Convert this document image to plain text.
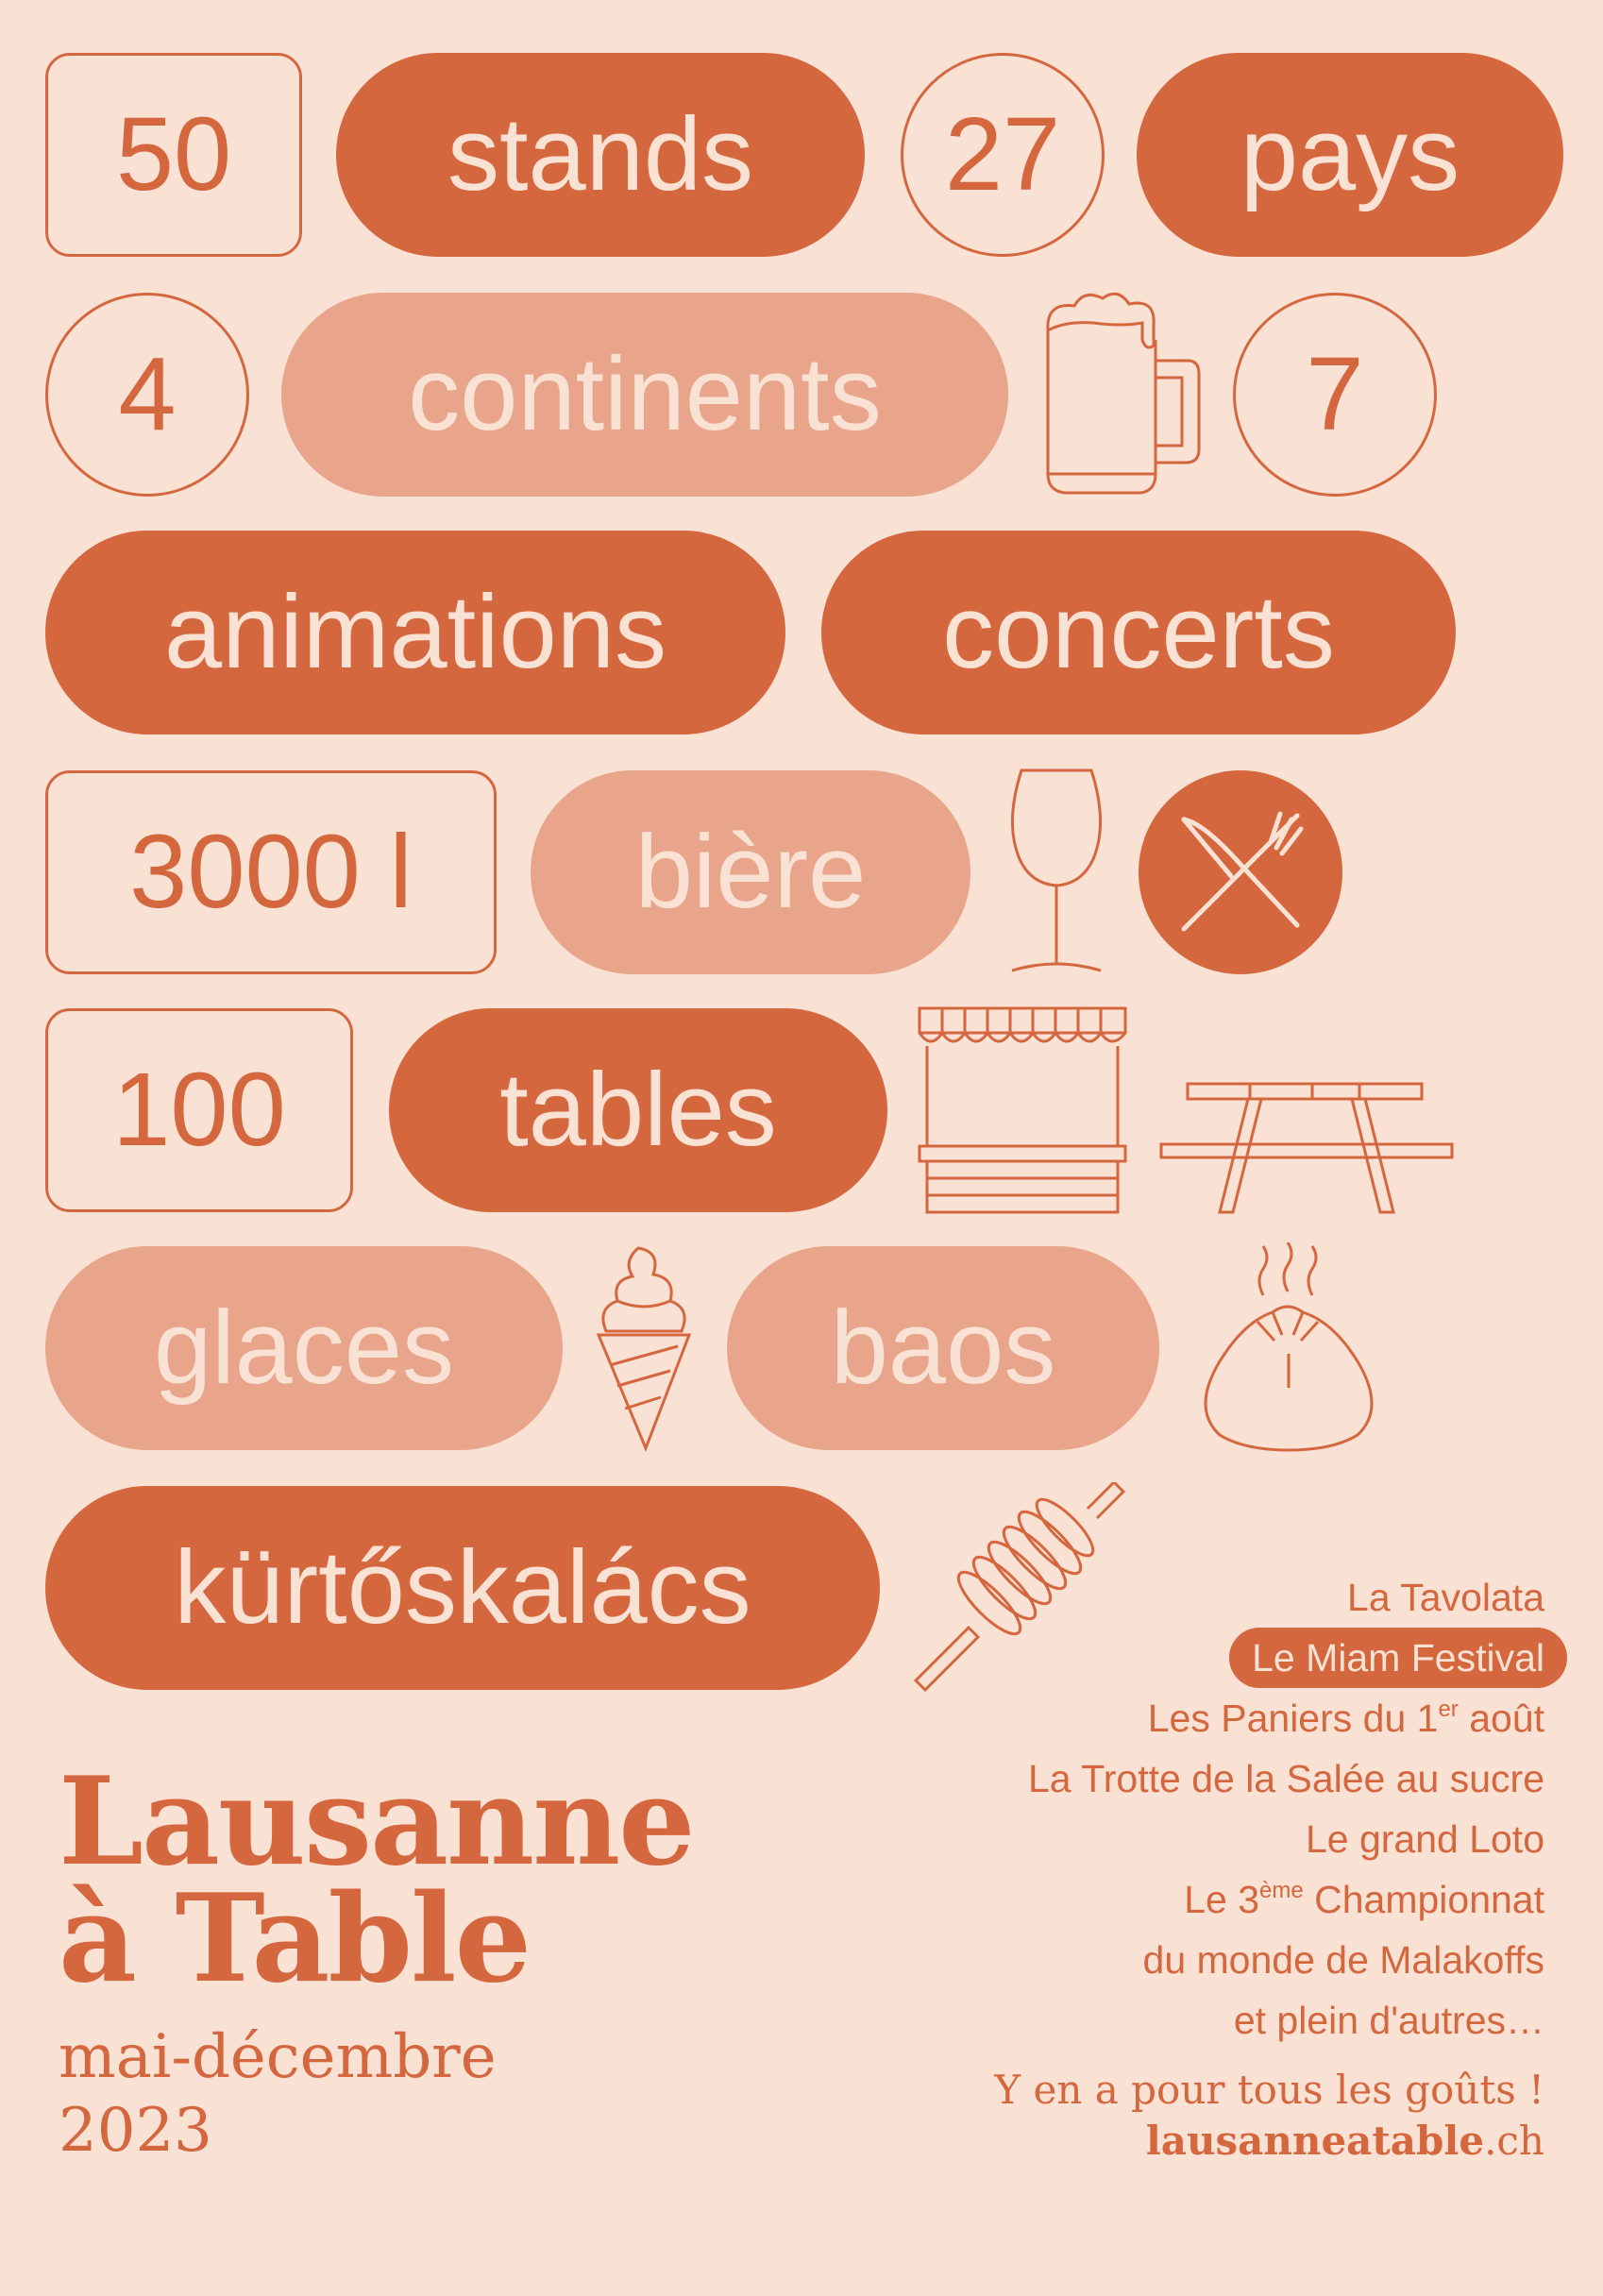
50	stands	27	pays
4	continents	7
animations	concerts
3000 l	bière
100	tables
glaces	baos
kürtőskalács
Lausanne
à Table
mai-décembre
2023
La Tavolata
Le Miam Festival
Les Paniers du 1er août
La Trotte de la Salée au sucre
Le grand Loto
Le 3ème Championnat
du monde de Malakoffs
et plein d'autres…
Y en a pour tous les goûts !
lausanneatable.ch
